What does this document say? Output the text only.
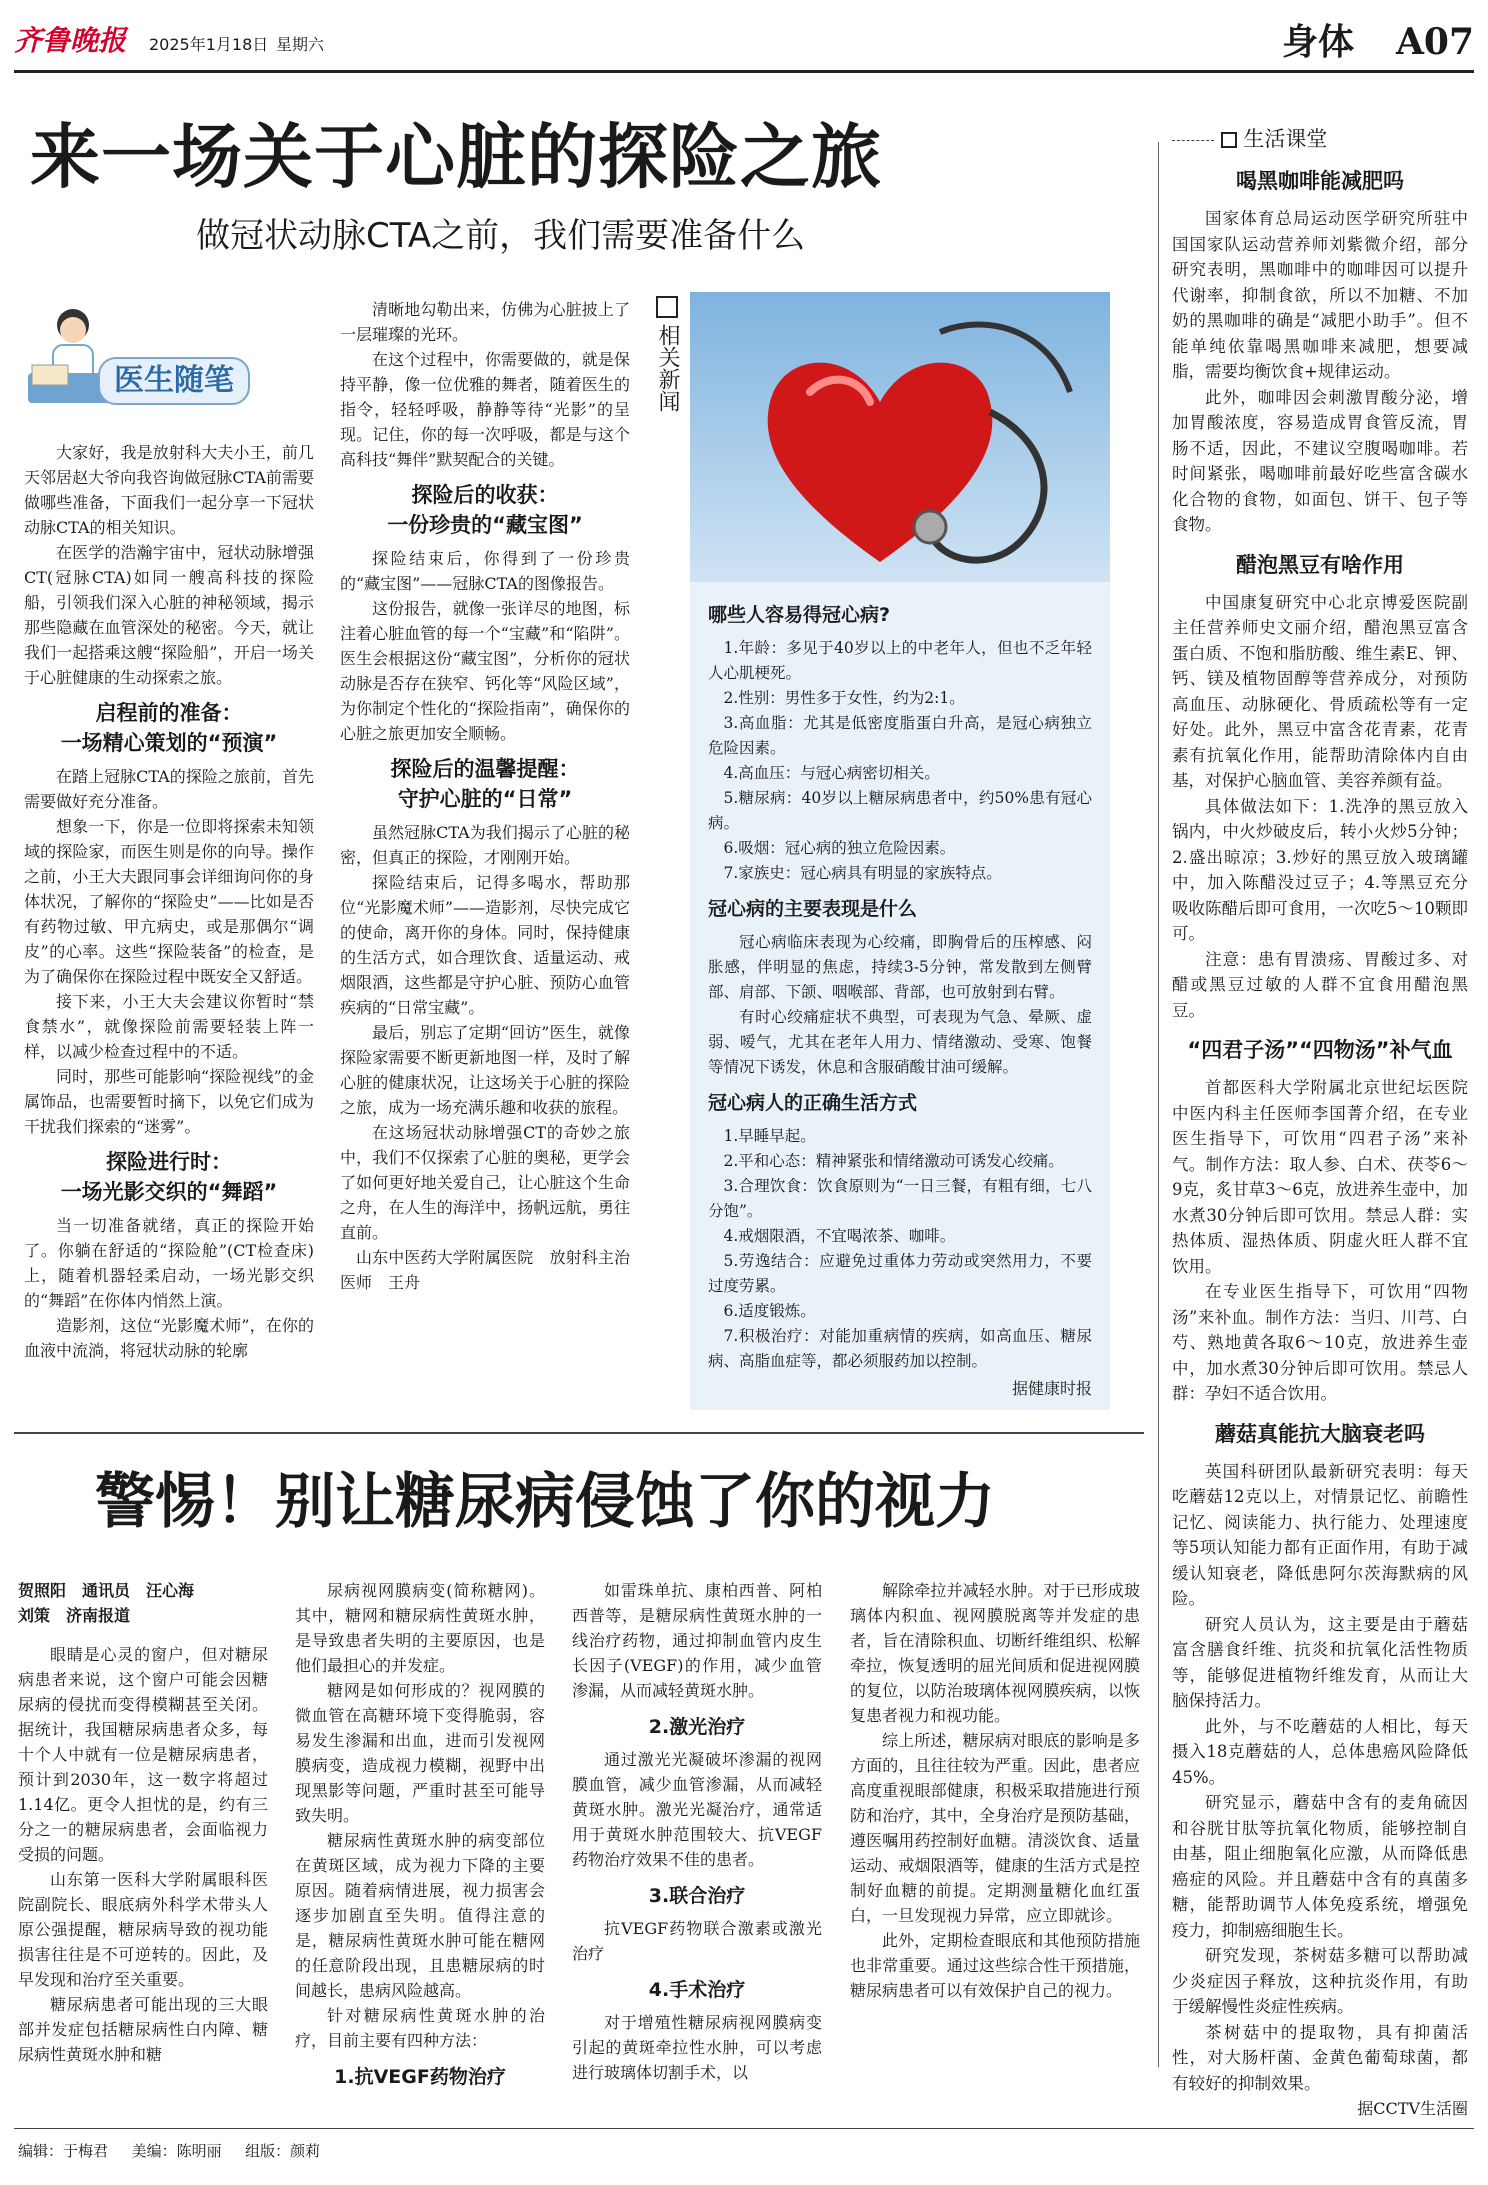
齐鲁晚报 2025年1月18日 星期六	身体 A07
来一场关于心脏的探险之旅
做冠状动脉CTA之前，我们需要准备什么
医生随笔
大家好，我是放射科大夫小王，前几天邻居赵大爷向我咨询做冠脉CTA前需要做哪些准备，下面我们一起分享一下冠状动脉CTA的相关知识。
在医学的浩瀚宇宙中，冠状动脉增强CT(冠脉CTA)如同一艘高科技的探险船，引领我们深入心脏的神秘领域，揭示那些隐藏在血管深处的秘密。今天，就让我们一起搭乘这艘“探险船”，开启一场关于心脏健康的生动探索之旅。
启程前的准备：
一场精心策划的“预演”
在踏上冠脉CTA的探险之旅前，首先需要做好充分准备。
想象一下，你是一位即将探索未知领域的探险家，而医生则是你的向导。操作之前，小王大夫跟同事会详细询问你的身体状况，了解你的“探险史”——比如是否有药物过敏、甲亢病史，或是那偶尔“调皮”的心率。这些“探险装备”的检查，是为了确保你在探险过程中既安全又舒适。
接下来，小王大夫会建议你暂时“禁食禁水”，就像探险前需要轻装上阵一样，以减少检查过程中的不适。
同时，那些可能影响“探险视线”的金属饰品，也需要暂时摘下，以免它们成为干扰我们探索的“迷雾”。
探险进行时：
一场光影交织的“舞蹈”
当一切准备就绪，真正的探险开始了。你躺在舒适的“探险舱”(CT检查床)上，随着机器轻柔启动，一场光影交织的“舞蹈”在你体内悄然上演。
造影剂，这位“光影魔术师”，在你的血液中流淌，将冠状动脉的轮廓
清晰地勾勒出来，仿佛为心脏披上了一层璀璨的光环。
在这个过程中，你需要做的，就是保持平静，像一位优雅的舞者，随着医生的指令，轻轻呼吸，静静等待“光影”的呈现。记住，你的每一次呼吸，都是与这个高科技“舞伴”默契配合的关键。
探险后的收获：
一份珍贵的“藏宝图”
探险结束后，你得到了一份珍贵的“藏宝图”——冠脉CTA的图像报告。
这份报告，就像一张详尽的地图，标注着心脏血管的每一个“宝藏”和“陷阱”。医生会根据这份“藏宝图”，分析你的冠状动脉是否存在狭窄、钙化等“风险区域”，为你制定个性化的“探险指南”，确保你的心脏之旅更加安全顺畅。
探险后的温馨提醒：
守护心脏的“日常”
虽然冠脉CTA为我们揭示了心脏的秘密，但真正的探险，才刚刚开始。
探险结束后，记得多喝水，帮助那位“光影魔术师”——造影剂，尽快完成它的使命，离开你的身体。同时，保持健康的生活方式，如合理饮食、适量运动、戒烟限酒，这些都是守护心脏、预防心血管疾病的“日常宝藏”。
最后，别忘了定期“回访”医生，就像探险家需要不断更新地图一样，及时了解心脏的健康状况，让这场关于心脏的探险之旅，成为一场充满乐趣和收获的旅程。
在这场冠状动脉增强CT的奇妙之旅中，我们不仅探索了心脏的奥秘，更学会了如何更好地关爱自己，让心脏这个生命之舟，在人生的海洋中，扬帆远航，勇往直前。
山东中医药大学附属医院　放射科主治医师　王舟
相关新闻
哪些人容易得冠心病?
1.年龄：多见于40岁以上的中老年人，但也不乏年轻人心肌梗死。
2.性别：男性多于女性，约为2:1。
3.高血脂：尤其是低密度脂蛋白升高，是冠心病独立危险因素。
4.高血压：与冠心病密切相关。
5.糖尿病：40岁以上糖尿病患者中，约50%患有冠心病。
6.吸烟：冠心病的独立危险因素。
7.家族史：冠心病具有明显的家族特点。
冠心病的主要表现是什么
冠心病临床表现为心绞痛，即胸骨后的压榨感、闷胀感，伴明显的焦虑，持续3-5分钟，常发散到左侧臂部、肩部、下颌、咽喉部、背部，也可放射到右臂。
有时心绞痛症状不典型，可表现为气急、晕厥、虚弱、嗳气，尤其在老年人用力、情绪激动、受寒、饱餐等情况下诱发，休息和含服硝酸甘油可缓解。
冠心病人的正确生活方式
1.早睡早起。
2.平和心态：精神紧张和情绪激动可诱发心绞痛。
3.合理饮食：饮食原则为“一日三餐，有粗有细，七八分饱”。
4.戒烟限酒，不宜喝浓茶、咖啡。
5.劳逸结合：应避免过重体力劳动或突然用力，不要过度劳累。
6.适度锻炼。
7.积极治疗：对能加重病情的疾病，如高血压、糖尿病、高脂血症等，都必须服药加以控制。
据健康时报
生活课堂
喝黑咖啡能减肥吗
国家体育总局运动医学研究所驻中国国家队运动营养师刘紫微介绍，部分研究表明，黑咖啡中的咖啡因可以提升代谢率，抑制食欲，所以不加糖、不加奶的黑咖啡的确是“减肥小助手”。但不能单纯依靠喝黑咖啡来减肥，想要减脂，需要均衡饮食+规律运动。
此外，咖啡因会刺激胃酸分泌，增加胃酸浓度，容易造成胃食管反流，胃肠不适，因此，不建议空腹喝咖啡。若时间紧张，喝咖啡前最好吃些富含碳水化合物的食物，如面包、饼干、包子等食物。
醋泡黑豆有啥作用
中国康复研究中心北京博爱医院副主任营养师史文丽介绍，醋泡黑豆富含蛋白质、不饱和脂肪酸、维生素E、钾、钙、镁及植物固醇等营养成分，对预防高血压、动脉硬化、骨质疏松等有一定好处。此外，黑豆中富含花青素，花青素有抗氧化作用，能帮助清除体内自由基，对保护心脑血管、美容养颜有益。
具体做法如下：1.洗净的黑豆放入锅内，中火炒破皮后，转小火炒5分钟；2.盛出晾凉；3.炒好的黑豆放入玻璃罐中，加入陈醋没过豆子；4.等黑豆充分吸收陈醋后即可食用，一次吃5～10颗即可。
注意：患有胃溃疡、胃酸过多、对醋或黑豆过敏的人群不宜食用醋泡黑豆。
“四君子汤”“四物汤”补气血
首都医科大学附属北京世纪坛医院中医内科主任医师李国菁介绍，在专业医生指导下，可饮用“四君子汤”来补气。制作方法：取人参、白术、茯苓6～9克，炙甘草3～6克，放进养生壶中，加水煮30分钟后即可饮用。禁忌人群：实热体质、湿热体质、阴虚火旺人群不宜饮用。
在专业医生指导下，可饮用“四物汤”来补血。制作方法：当归、川芎、白芍、熟地黄各取6～10克，放进养生壶中，加水煮30分钟后即可饮用。禁忌人群：孕妇不适合饮用。
蘑菇真能抗大脑衰老吗
英国科研团队最新研究表明：每天吃蘑菇12克以上，对情景记忆、前瞻性记忆、阅读能力、执行能力、处理速度等5项认知能力都有正面作用，有助于减缓认知衰老，降低患阿尔茨海默病的风险。
研究人员认为，这主要是由于蘑菇富含膳食纤维、抗炎和抗氧化活性物质等，能够促进植物纤维发育，从而让大脑保持活力。
此外，与不吃蘑菇的人相比，每天摄入18克蘑菇的人，总体患癌风险降低45%。
研究显示，蘑菇中含有的麦角硫因和谷胱甘肽等抗氧化物质，能够控制自由基，阻止细胞氧化应激，从而降低患癌症的风险。并且蘑菇中含有的真菌多糖，能帮助调节人体免疫系统，增强免疫力，抑制癌细胞生长。
研究发现，茶树菇多糖可以帮助减少炎症因子释放，这种抗炎作用，有助于缓解慢性炎症性疾病。
茶树菇中的提取物，具有抑菌活性，对大肠杆菌、金黄色葡萄球菌，都有较好的抑制效果。
据CCTV生活圈
警惕！别让糖尿病侵蚀了你的视力
贺照阳　通讯员　汪心海
刘策　济南报道
眼睛是心灵的窗户，但对糖尿病患者来说，这个窗户可能会因糖尿病的侵扰而变得模糊甚至关闭。据统计，我国糖尿病患者众多，每十个人中就有一位是糖尿病患者，预计到2030年，这一数字将超过1.14亿。更令人担忧的是，约有三分之一的糖尿病患者，会面临视力受损的问题。
山东第一医科大学附属眼科医院副院长、眼底病外科学术带头人原公强提醒，糖尿病导致的视功能损害往往是不可逆转的。因此，及早发现和治疗至关重要。
糖尿病患者可能出现的三大眼部并发症包括糖尿病性白内障、糖尿病性黄斑水肿和糖
尿病视网膜病变(简称糖网)。其中，糖网和糖尿病性黄斑水肿，是导致患者失明的主要原因，也是他们最担心的并发症。
糖网是如何形成的？视网膜的微血管在高糖环境下变得脆弱，容易发生渗漏和出血，进而引发视网膜病变，造成视力模糊，视野中出现黑影等问题，严重时甚至可能导致失明。
糖尿病性黄斑水肿的病变部位在黄斑区域，成为视力下降的主要原因。随着病情进展，视力损害会逐步加剧直至失明。值得注意的是，糖尿病性黄斑水肿可能在糖网的任意阶段出现，且患糖尿病的时间越长，患病风险越高。
针对糖尿病性黄斑水肿的治疗，目前主要有四种方法：
1.抗VEGF药物治疗
如雷珠单抗、康柏西普、阿柏西普等，是糖尿病性黄斑水肿的一线治疗药物，通过抑制血管内皮生长因子(VEGF)的作用，减少血管渗漏，从而减轻黄斑水肿。
2.激光治疗
通过激光光凝破坏渗漏的视网膜血管，减少血管渗漏，从而减轻黄斑水肿。激光光凝治疗，通常适用于黄斑水肿范围较大、抗VEGF药物治疗效果不佳的患者。
3.联合治疗
抗VEGF药物联合激素或激光治疗
4.手术治疗
对于增殖性糖尿病视网膜病变引起的黄斑牵拉性水肿，可以考虑进行玻璃体切割手术，以
解除牵拉并减轻水肿。对于已形成玻璃体内积血、视网膜脱离等并发症的患者，旨在清除积血、切断纤维组织、松解牵拉，恢复透明的屈光间质和促进视网膜的复位，以防治玻璃体视网膜疾病，以恢复患者视力和视功能。
综上所述，糖尿病对眼底的影响是多方面的，且往往较为严重。因此，患者应高度重视眼部健康，积极采取措施进行预防和治疗，其中，全身治疗是预防基础，遵医嘱用药控制好血糖。清淡饮食、适量运动、戒烟限酒等，健康的生活方式是控制好血糖的前提。定期测量糖化血红蛋白，一旦发现视力异常，应立即就诊。
此外，定期检查眼底和其他预防措施也非常重要。通过这些综合性干预措施，糖尿病患者可以有效保护自己的视力。
编辑：于梅君 美编：陈明丽 组版：颜莉
